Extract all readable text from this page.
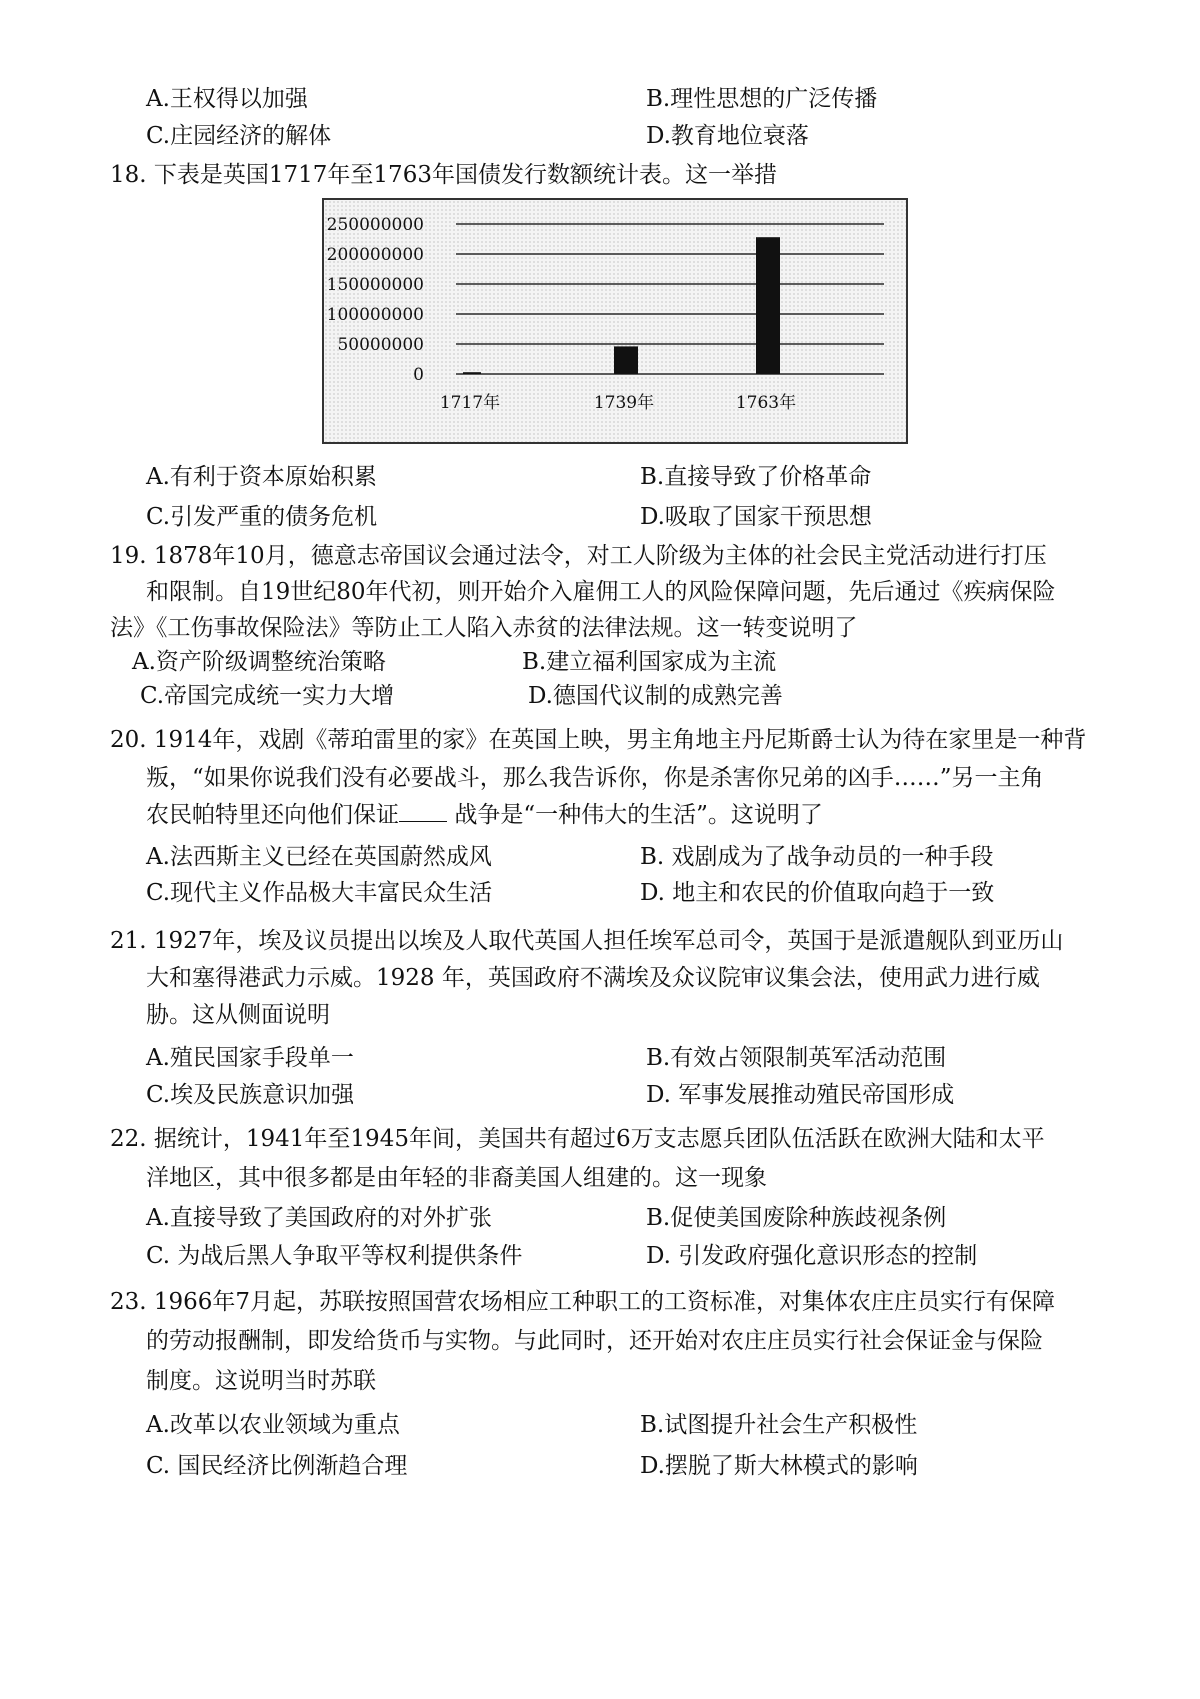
A.王权得以加强	B.理性思想的广泛传播
C.庄园经济的解体	D.教育地位衰落
18. 下表是英国1717年至1763年国债发行数额统计表。这一举措
0
50000000
100000000
150000000
200000000
250000000
1717年	1739年	1763年
A.有利于资本原始积累	B.直接导致了价格革命
C.引发严重的债务危机	D.吸取了国家干预思想
19. 1878年10月，德意志帝国议会通过法令，对工人阶级为主体的社会民主党活动进行打压
和限制。自19世纪80年代初，则开始介入雇佣工人的风险保障问题，先后通过《疾病保险
法》《工伤事故保险法》等防止工人陷入赤贫的法律法规。这一转变说明了
A.资产阶级调整统治策略	B.建立福利国家成为主流
C.帝国完成统一实力大增	D.德国代议制的成熟完善
20. 1914年，戏剧《蒂珀雷里的家》在英国上映，男主角地主丹尼斯爵士认为待在家里是一种背
叛，“如果你说我们没有必要战斗，那么我告诉你，你是杀害你兄弟的凶手……”另一主角
农民帕特里还向他们保证 战争是“一种伟大的生活”。这说明了
A.法西斯主义已经在英国蔚然成风	B. 戏剧成为了战争动员的一种手段
C.现代主义作品极大丰富民众生活	D. 地主和农民的价值取向趋于一致
21. 1927年，埃及议员提出以埃及人取代英国人担任埃军总司令，英国于是派遣舰队到亚历山
大和塞得港武力示威。1928 年，英国政府不满埃及众议院审议集会法，使用武力进行威
胁。这从侧面说明
A.殖民国家手段单一	B.有效占领限制英军活动范围
C.埃及民族意识加强	D. 军事发展推动殖民帝国形成
22. 据统计，1941年至1945年间，美国共有超过6万支志愿兵团队伍活跃在欧洲大陆和太平
洋地区，其中很多都是由年轻的非裔美国人组建的。这一现象
A.直接导致了美国政府的对外扩张	B.促使美国废除种族歧视条例
C. 为战后黑人争取平等权利提供条件	D. 引发政府强化意识形态的控制
23. 1966年7月起，苏联按照国营农场相应工种职工的工资标准，对集体农庄庄员实行有保障
的劳动报酬制，即发给货币与实物。与此同时，还开始对农庄庄员实行社会保证金与保险
制度。这说明当时苏联
A.改革以农业领域为重点	B.试图提升社会生产积极性
C. 国民经济比例渐趋合理	D.摆脱了斯大林模式的影响
